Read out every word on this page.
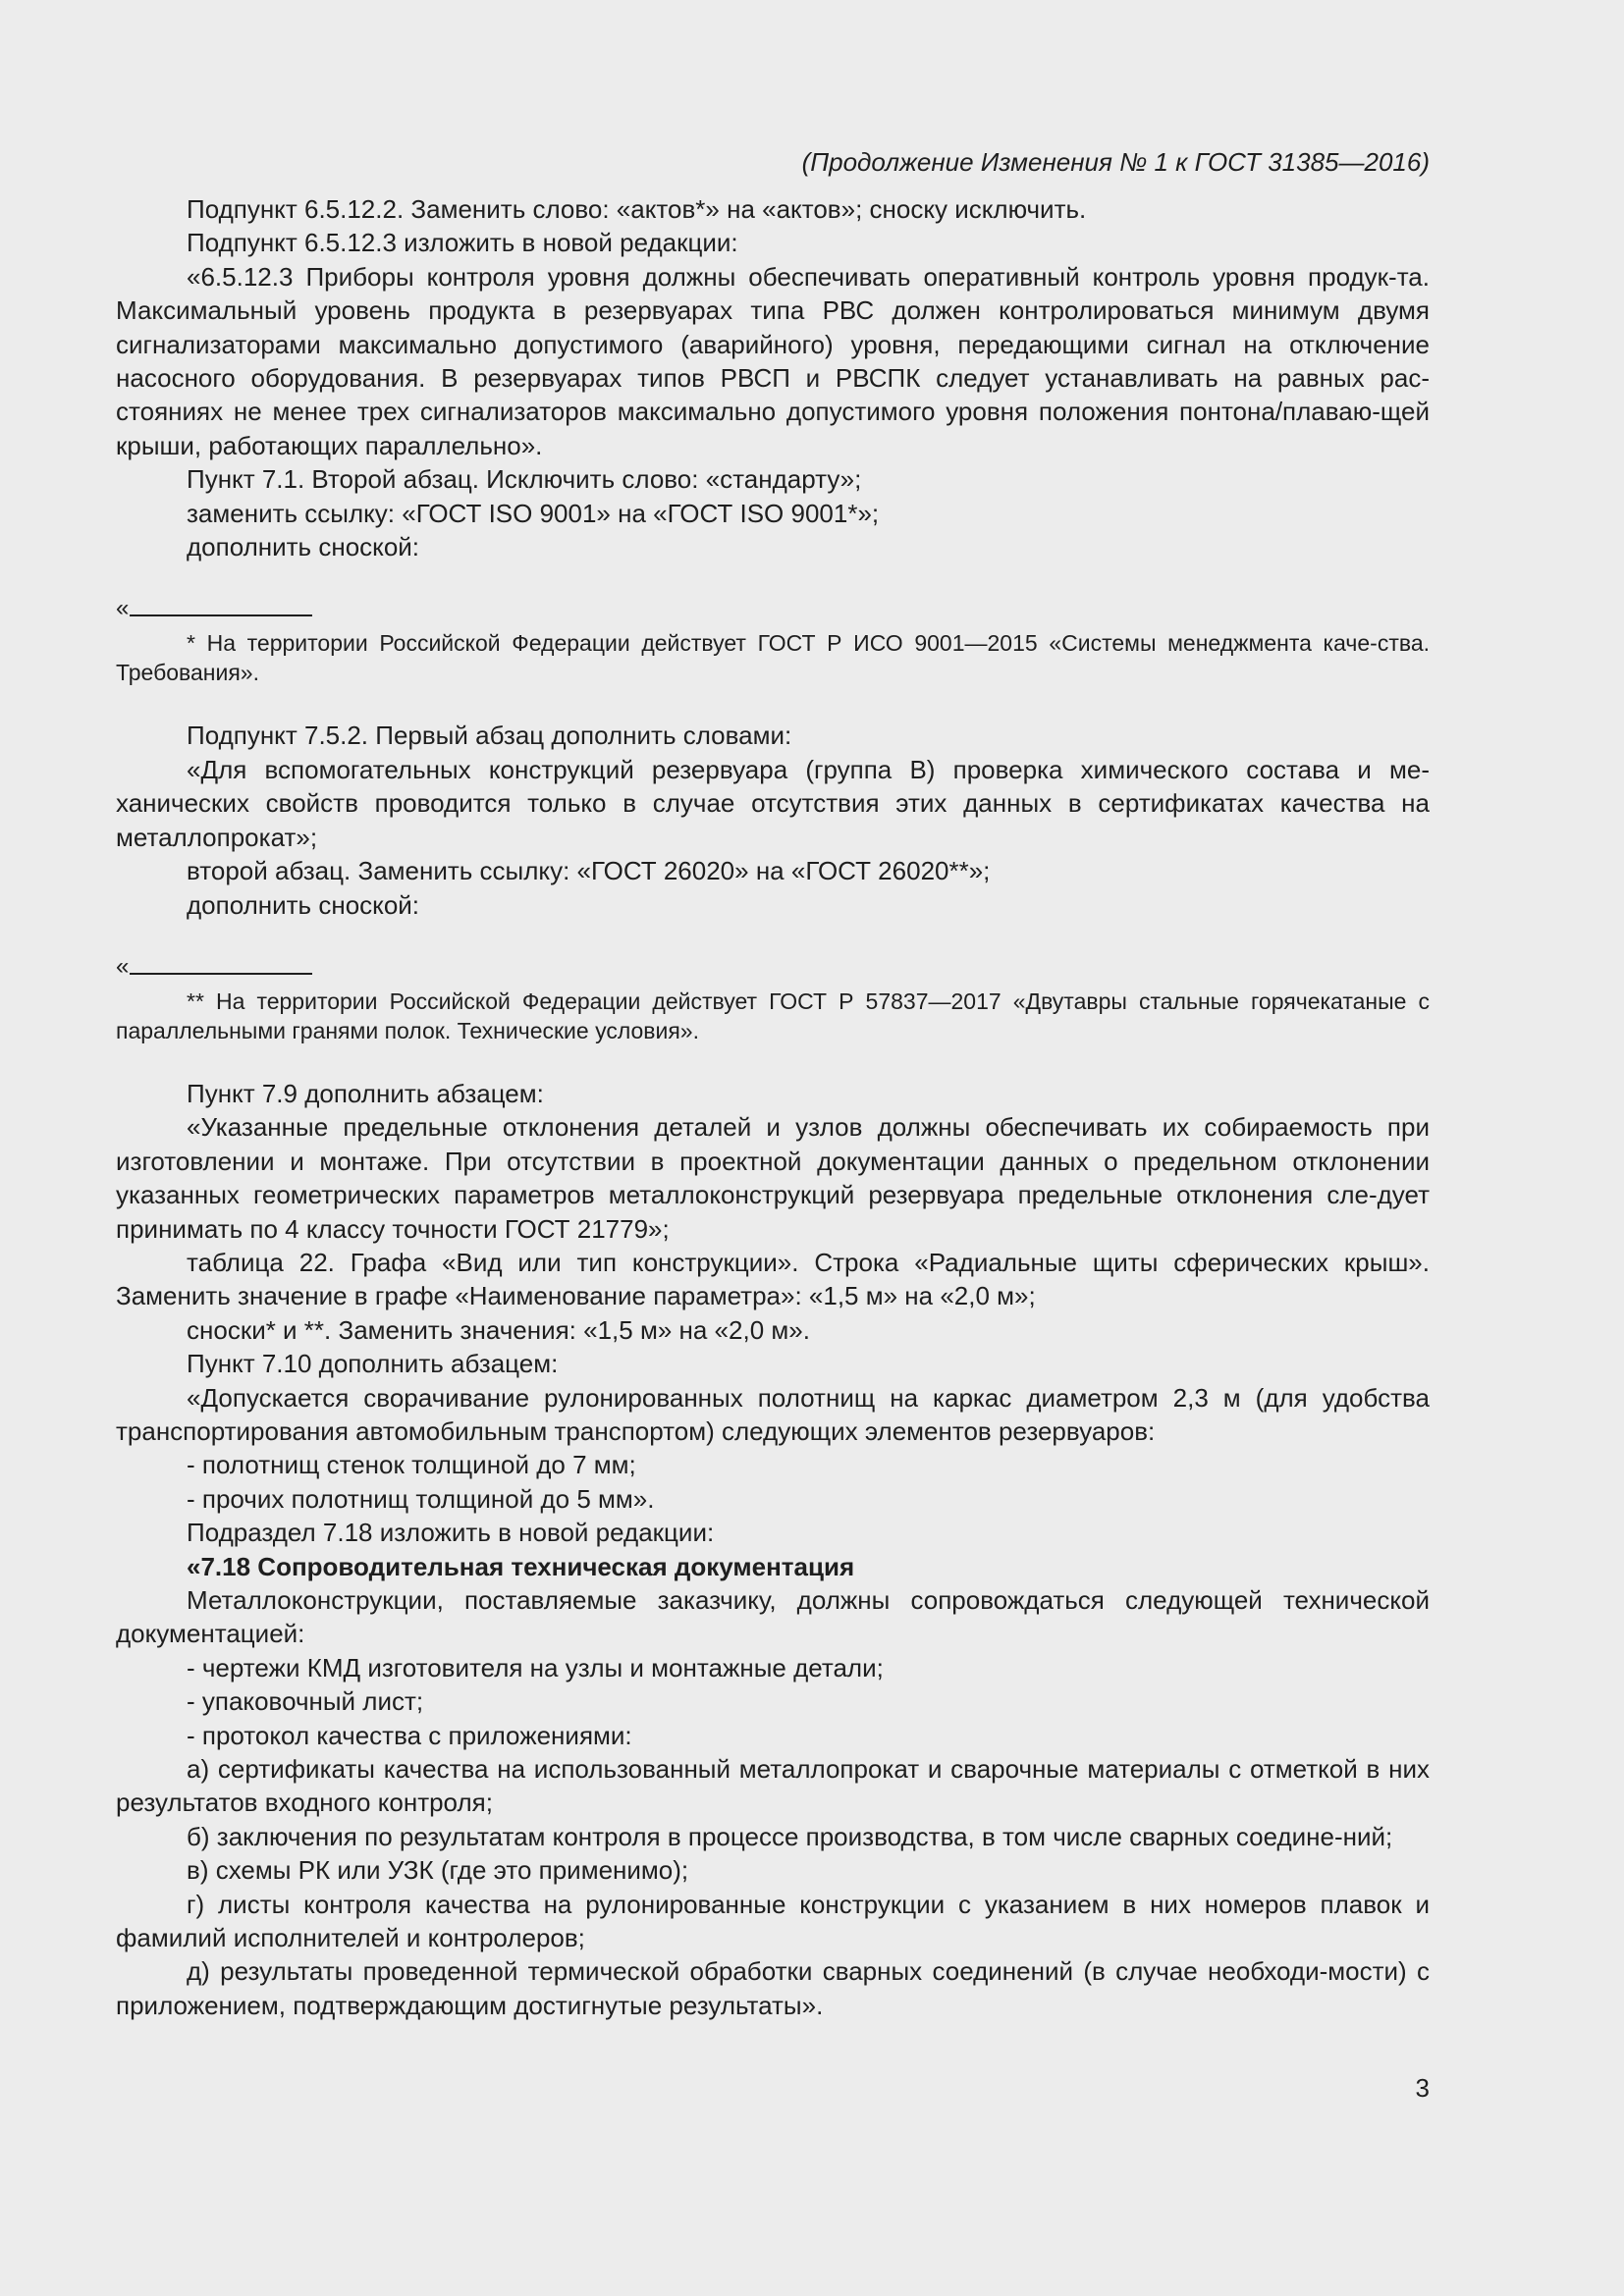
(Продолжение Изменения № 1 к ГОСТ 31385—2016)

Подпункт 6.5.12.2. Заменить слово: «актов*» на «актов»; сноску исключить.

Подпункт 6.5.12.3 изложить в новой редакции:

«6.5.12.3 Приборы контроля уровня должны обеспечивать оперативный контроль уровня продук-та. Максимальный уровень продукта в резервуарах типа РВС должен контролироваться минимум двумя сигнализаторами максимально допустимого (аварийного) уровня, передающими сигнал на отключение насосного оборудования. В резервуарах типов РВСП и РВСПК следует устанавливать на равных рас-стояниях не менее трех сигнализаторов максимально допустимого уровня положения понтона/плаваю-щей крыши, работающих параллельно».

Пункт 7.1. Второй абзац. Исключить слово: «стандарту»;

заменить ссылку: «ГОСТ ISO 9001» на «ГОСТ ISO 9001*»;

дополнить сноской:

«

* На территории Российской Федерации действует ГОСТ Р ИСО 9001—2015 «Системы менеджмента каче-ства. Требования».

Подпункт 7.5.2. Первый абзац дополнить словами:

«Для вспомогательных конструкций резервуара (группа В) проверка химического состава и ме-ханических свойств проводится только в случае отсутствия этих данных в сертификатах качества на металлопрокат»;

второй абзац. Заменить ссылку: «ГОСТ 26020» на «ГОСТ 26020**»;

дополнить сноской:

«

** На территории Российской Федерации действует ГОСТ Р 57837—2017 «Двутавры стальные горячекатаные с параллельными гранями полок. Технические условия».

Пункт 7.9 дополнить абзацем:

«Указанные предельные отклонения деталей и узлов должны обеспечивать их собираемость при изготовлении и монтаже. При отсутствии в проектной документации данных о предельном отклонении указанных геометрических параметров металлоконструкций резервуара предельные отклонения сле-дует принимать по 4 классу точности ГОСТ 21779»;

таблица 22. Графа «Вид или тип конструкции». Строка «Радиальные щиты сферических крыш». Заменить значение в графе «Наименование параметра»: «1,5 м» на «2,0 м»;

сноски* и **. Заменить значения: «1,5 м» на «2,0 м».

Пункт 7.10 дополнить абзацем:

«Допускается сворачивание рулонированных полотнищ на каркас диаметром 2,3 м (для удобства транспортирования автомобильным транспортом) следующих элементов резервуаров:

- полотнищ стенок толщиной до 7 мм;

- прочих полотнищ толщиной до 5 мм».

Подраздел 7.18 изложить в новой редакции:

«7.18 Сопроводительная техническая документация

Металлоконструкции, поставляемые заказчику, должны сопровождаться следующей технической документацией:

- чертежи КМД изготовителя на узлы и монтажные детали;

- упаковочный лист;

- протокол качества с приложениями:

а) сертификаты качества на использованный металлопрокат и сварочные материалы с отметкой в них результатов входного контроля;

б) заключения по результатам контроля в процессе производства, в том числе сварных соедине-ний;

в) схемы РК или УЗК (где это применимо);

г) листы контроля качества на рулонированные конструкции с указанием в них номеров плавок и фамилий исполнителей и контролеров;

д) результаты проведенной термической обработки сварных соединений (в случае необходи-мости) с приложением, подтверждающим достигнутые результаты».

3
